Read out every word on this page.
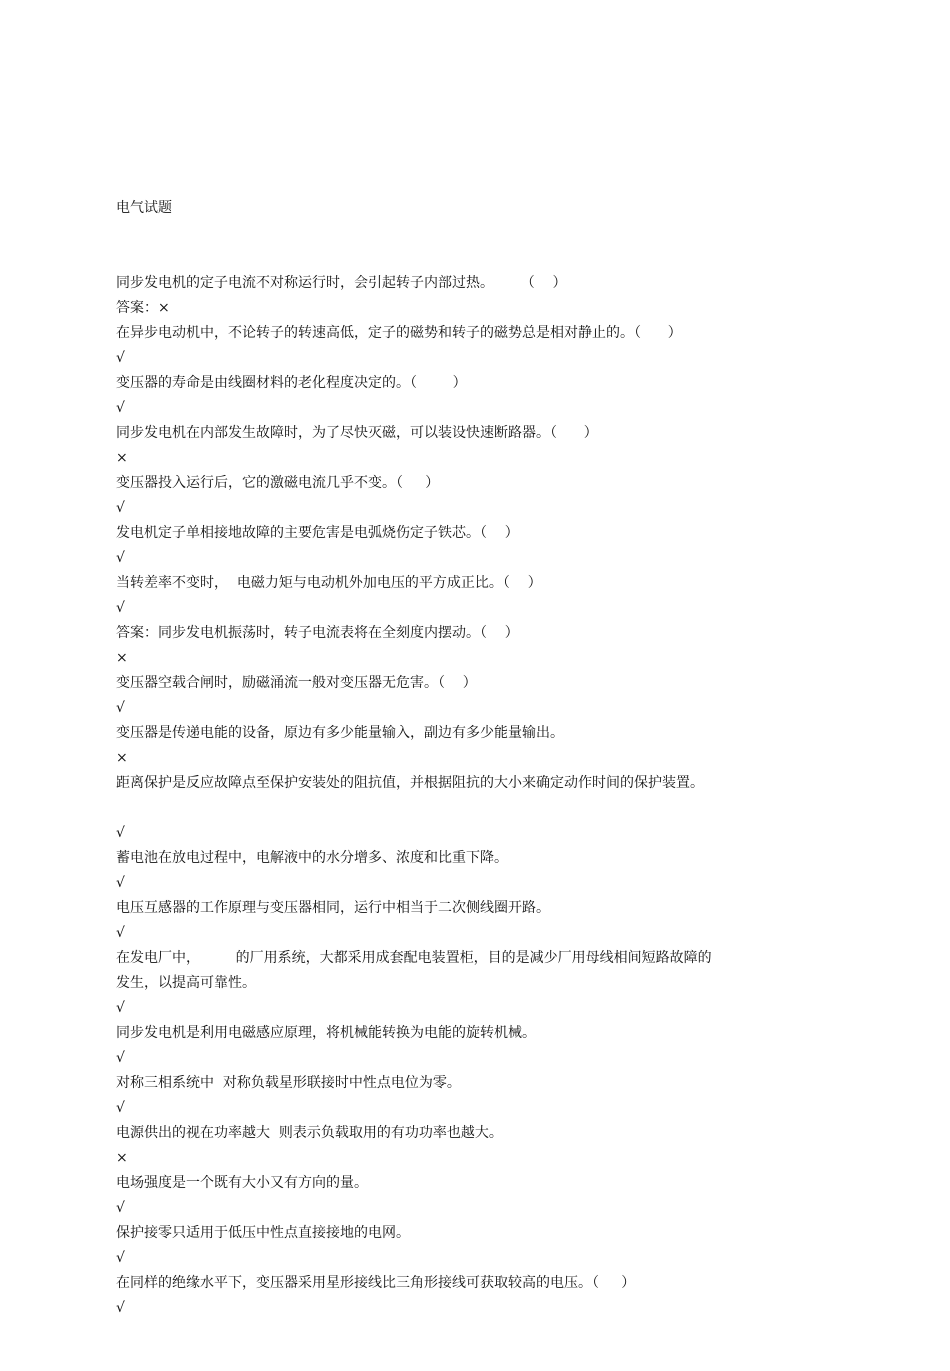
电气试题

同步发电机的定子电流不对称运行时，会引起转子内部过热。      （    ）
答案：×
在异步电动机中，不论转子的转速高低，定子的磁势和转子的磁势总是相对静止的。（      ）
√
变压器的寿命是由线圈材料的老化程度决定的。（        ）
√
同步发电机在内部发生故障时，为了尽快灭磁，可以装设快速断路器。（      ）
×
变压器投入运行后，它的激磁电流几乎不变。（     ）
√
发电机定子单相接地故障的主要危害是电弧烧伤定子铁芯。（    ）
√
当转差率不变时，  电磁力矩与电动机外加电压的平方成正比。（    ）
√
答案：同步发电机振荡时，转子电流表将在全刻度内摆动。（    ）
×
变压器空载合闸时，励磁涌流一般对变压器无危害。（    ）
√
变压器是传递电能的设备，原边有多少能量输入，副边有多少能量输出。
×
距离保护是反应故障点至保护安装处的阻抗值，并根据阻抗的大小来确定动作时间的保护装置。
√
蓄电池在放电过程中，电解液中的水分增多、浓度和比重下降。
√
电压互感器的工作原理与变压器相同，运行中相当于二次侧线圈开路。
√
在发电厂中，        的厂用系统，大都采用成套配电装置柜，目的是减少厂用母线相间短路故障的
发生，以提高可靠性。
√
同步发电机是利用电磁感应原理，将机械能转换为电能的旋转机械。
√
对称三相系统中  对称负载星形联接时中性点电位为零。
√
电源供出的视在功率越大  则表示负载取用的有功功率也越大。
×
电场强度是一个既有大小又有方向的量。
√
保护接零只适用于低压中性点直接接地的电网。
√
在同样的绝缘水平下，变压器采用星形接线比三角形接线可获取较高的电压。（     ）
√
